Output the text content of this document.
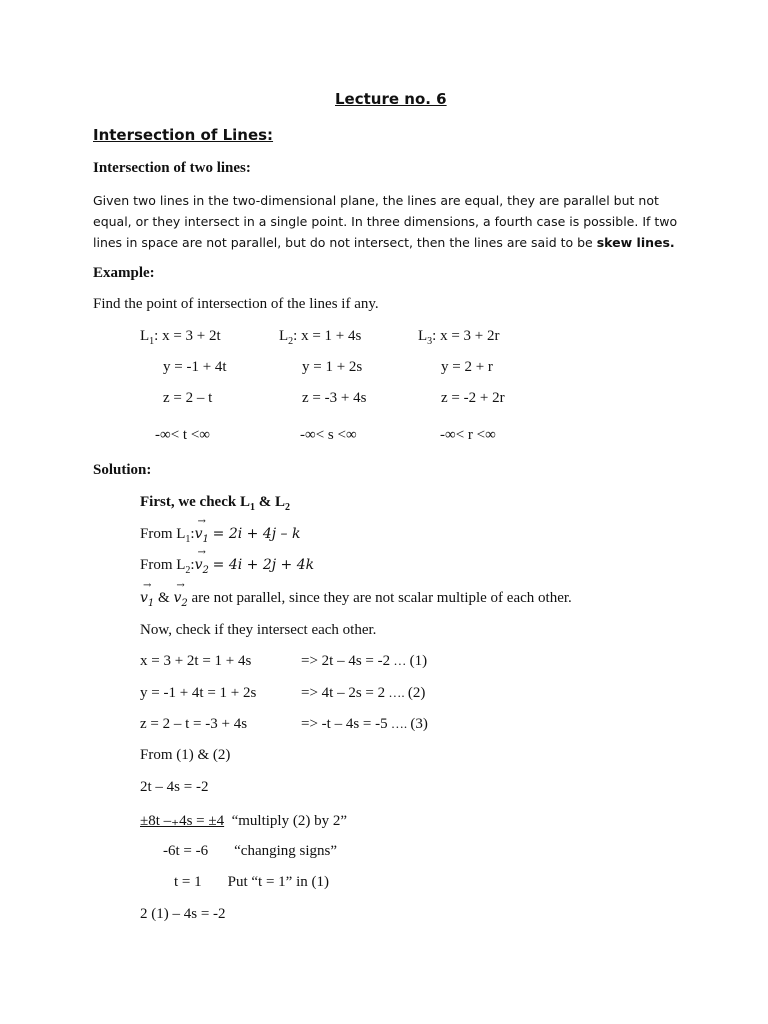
Lecture no. 6
Intersection of Lines:
Intersection of two lines:
Given two lines in the two-dimensional plane, the lines are equal, they are parallel but not equal, or they intersect in a single point. In three dimensions, a fourth case is possible. If two lines in space are not parallel, but do not intersect, then the lines are said to be skew lines.
Example:
Find the point of intersection of the lines if any.
$L_1$: x = 3 + 2t	$L_2$: x = 1 + 4s	$L_3$: x = 3 + 2r
y = -1 + 4t	y = 1 + 2s	y = 2 + r
z = 2 – t	z = -3 + 4s	z = -2 + 2r
-∞< t <∞	-∞< s <∞	-∞< r <∞
Solution:
First, we check $L_1$ & $L_2$
From $L_1$:
→
$v_1 = 2i + 4j - k$
From $L_2$:
→
$v_2 = 4i + 2j + 4k$
→
$v_1$ &
→
$v_2$ are not parallel, since they are not scalar multiple of each other.
Now, check if they intersect each other.
x = 3 + 2t = 1 + 4s	=> 2t – 4s = -2 … (1)
y = -1 + 4t = 1 + 2s	=> 4t – 2s = 2 …. (2)
z = 2 – t = -3 + 4s	=> -t – 4s = -5 …. (3)
From (1) & (2)
2t – 4s = -2
±8t –₊4s = ±4 “multiply (2) by 2”
-6t = -6 “changing signs”
t = 1 Put “t = 1” in (1)
2 (1) – 4s = -2
